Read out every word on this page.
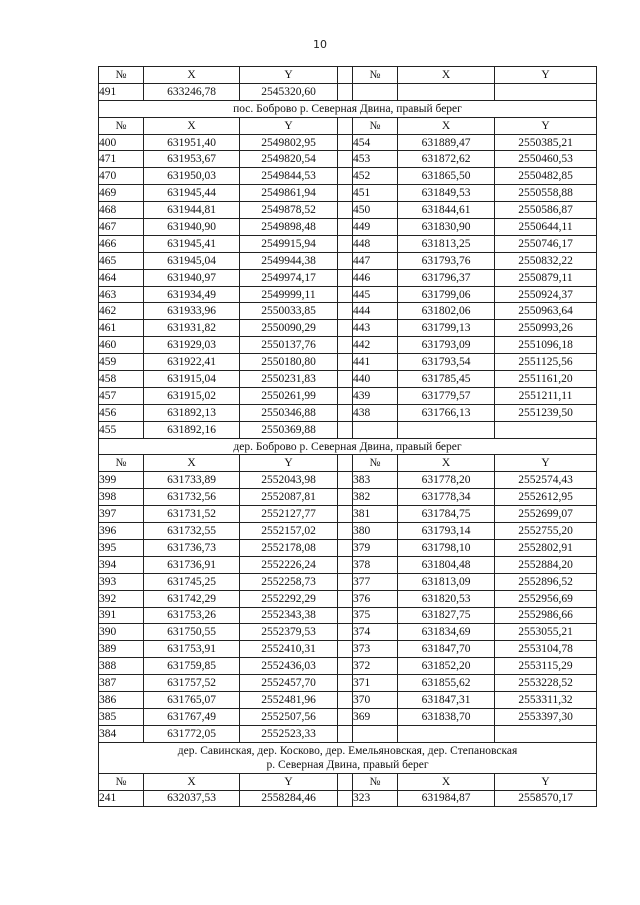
10
№	X	Y		№	X	Y
491	633246,78	2545320,60				

пос. Боброво р. Северная Двина, правый берег						

№	X	Y		№	X	Y
400	631951,40	2549802,95		454	631889,47	2550385,21
471	631953,67	2549820,54		453	631872,62	2550460,53
470	631950,03	2549844,53		452	631865,50	2550482,85
469	631945,44	2549861,94		451	631849,53	2550558,88
468	631944,81	2549878,52		450	631844,61	2550586,87
467	631940,90	2549898,48		449	631830,90	2550644,11
466	631945,41	2549915,94		448	631813,25	2550746,17
465	631945,04	2549944,38		447	631793,76	2550832,22
464	631940,97	2549974,17		446	631796,37	2550879,11
463	631934,49	2549999,11		445	631799,06	2550924,37
462	631933,96	2550033,85		444	631802,06	2550963,64
461	631931,82	2550090,29		443	631799,13	2550993,26
460	631929,03	2550137,76		442	631793,09	2551096,18
459	631922,41	2550180,80		441	631793,54	2551125,56
458	631915,04	2550231,83		440	631785,45	2551161,20
457	631915,02	2550261,99		439	631779,57	2551211,11
456	631892,13	2550346,88		438	631766,13	2551239,50
455	631892,16	2550369,88				

дер. Боброво р. Северная Двина, правый берег						

№	X	Y		№	X	Y
399	631733,89	2552043,98		383	631778,20	2552574,43
398	631732,56	2552087,81		382	631778,34	2552612,95
397	631731,52	2552127,77		381	631784,75	2552699,07
396	631732,55	2552157,02		380	631793,14	2552755,20
395	631736,73	2552178,08		379	631798,10	2552802,91
394	631736,91	2552226,24		378	631804,48	2552884,20
393	631745,25	2552258,73		377	631813,09	2552896,52
392	631742,29	2552292,29		376	631820,53	2552956,69
391	631753,26	2552343,38		375	631827,75	2552986,66
390	631750,55	2552379,53		374	631834,69	2553055,21
389	631753,91	2552410,31		373	631847,70	2553104,78
388	631759,85	2552436,03		372	631852,20	2553115,29
387	631757,52	2552457,70		371	631855,62	2553228,52
386	631765,07	2552481,96		370	631847,31	2553311,32
385	631767,49	2552507,56		369	631838,70	2553397,30
384	631772,05	2552523,33				

дер. Савинская, дер. Косково, дер. Емельяновская, дер. Степановская
р. Северная Двина, правый берег						

№	X	Y		№	X	Y
241	632037,53	2558284,46		323	631984,87	2558570,17
